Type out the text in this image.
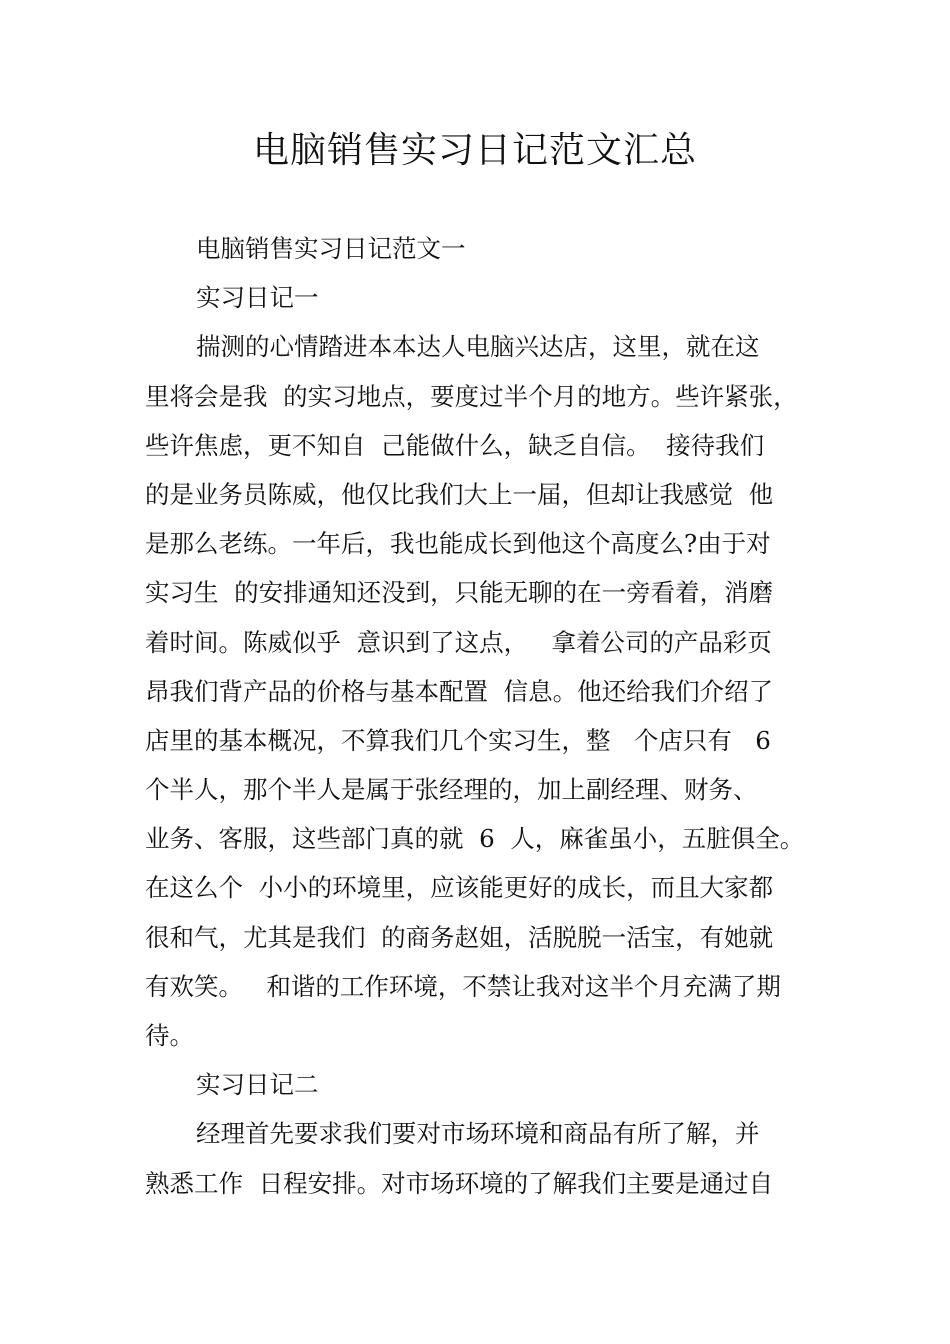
电脑销售实习日记范文汇总
电脑销售实习日记范文一
实习日记一
揣测的心情踏进本本达人电脑兴达店，这里，就在这
里将会是我  的实习地点，要度过半个月的地方。些许紧张，
些许焦虑，更不知自  己能做什么，缺乏自信。  接待我们
的是业务员陈威，他仅比我们大上一届，但却让我感觉  他
是那么老练。一年后，我也能成长到他这个高度么?由于对
实习生  的安排通知还没到，只能无聊的在一旁看着，消磨
着时间。陈威似乎  意识到了这点，   拿着公司的产品彩页
昂我们背产品的价格与基本配置  信息。他还给我们介绍了
店里的基本概况，不算我们几个实习生，整   个店只有   6
个半人，那个半人是属于张经理的，加上副经理、财务、
业务、客服，这些部门真的就  6  人，麻雀虽小，五脏俱全。
在这么个  小小的环境里，应该能更好的成长，而且大家都
很和气，尤其是我们  的商务赵姐，活脱脱一活宝，有她就
有欢笑。   和谐的工作环境，不禁让我对这半个月充满了期
待。
实习日记二
经理首先要求我们要对市场环境和商品有所了解，并
熟悉工作  日程安排。对市场环境的了解我们主要是通过自
